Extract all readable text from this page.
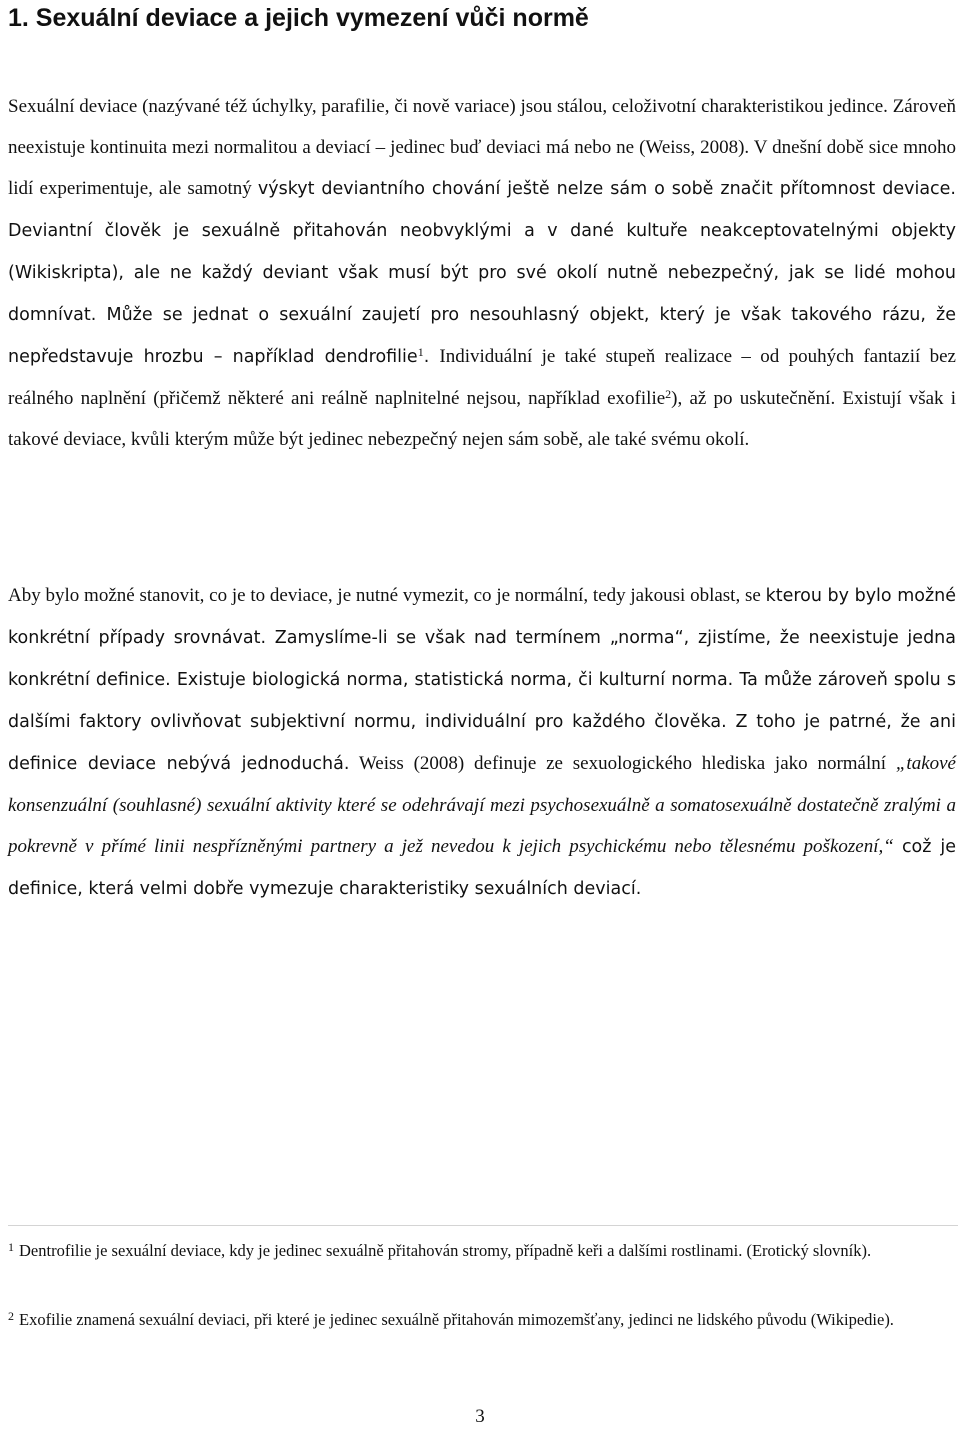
1. Sexuální deviace a jejich vymezení vůči normě

Sexuální deviace (nazývané též úchylky, parafilie, či nově variace) jsou stálou, celoživotní charakteristikou jedince. Zároveň neexistuje kontinuita mezi normalitou a deviací – jedinec buď deviaci má nebo ne (Weiss, 2008). V dnešní době sice mnoho lidí experimentuje, ale samotný výskyt deviantního chování ještě nelze sám o sobě značit přítomnost deviace. Deviantní člověk je sexuálně přitahován neobvyklými a v dané kultuře neakceptovatelnými objekty (Wikiskripta), ale ne každý deviant však musí být pro své okolí nutně nebezpečný, jak se lidé mohou domnívat. Může se jednat o sexuální zaujetí pro nesouhlasný objekt, který je však takového rázu, že nepředstavuje hrozbu – například dendrofilie$^1$. Individuální je také stupeň realizace – od pouhých fantazií bez reálného naplnění (přičemž některé ani reálně naplnitelné nejsou, například exofilie$^2$), až po uskutečnění. Existují však i takové deviace, kvůli kterým může být jedinec nebezpečný nejen sám sobě, ale také svému okolí.

Aby bylo možné stanovit, co je to deviace, je nutné vymezit, co je normální, tedy jakousi oblast, se kterou by bylo možné konkrétní případy srovnávat. Zamyslíme-li se však nad termínem „norma“, zjistíme, že neexistuje jedna konkrétní definice. Existuje biologická norma, statistická norma, či kulturní norma. Ta může zároveň spolu s dalšími faktory ovlivňovat subjektivní normu, individuální pro každého člověka. Z toho je patrné, že ani definice deviace nebývá jednoduchá. Weiss (2008) definuje ze sexuologického hlediska jako normální „takové konsenzuální (souhlasné) sexuální aktivity které se odehrávají mezi psychosexuálně a somatosexuálně dostatečně zralými a pokrevně v přímé linii nespřízněnými partnery a jež nevedou k jejich psychickému nebo tělesnému poškození,“ což je definice, která velmi dobře vymezuje charakteristiky sexuálních deviací.

$^1$ Dentrofilie je sexuální deviace, kdy je jedinec sexuálně přitahován stromy, případně keři a dalšími rostlinami. (Erotický slovník).

$^2$ Exofilie znamená sexuální deviaci, při které je jedinec sexuálně přitahován mimozemšťany, jedinci ne lidského původu (Wikipedie).

3
